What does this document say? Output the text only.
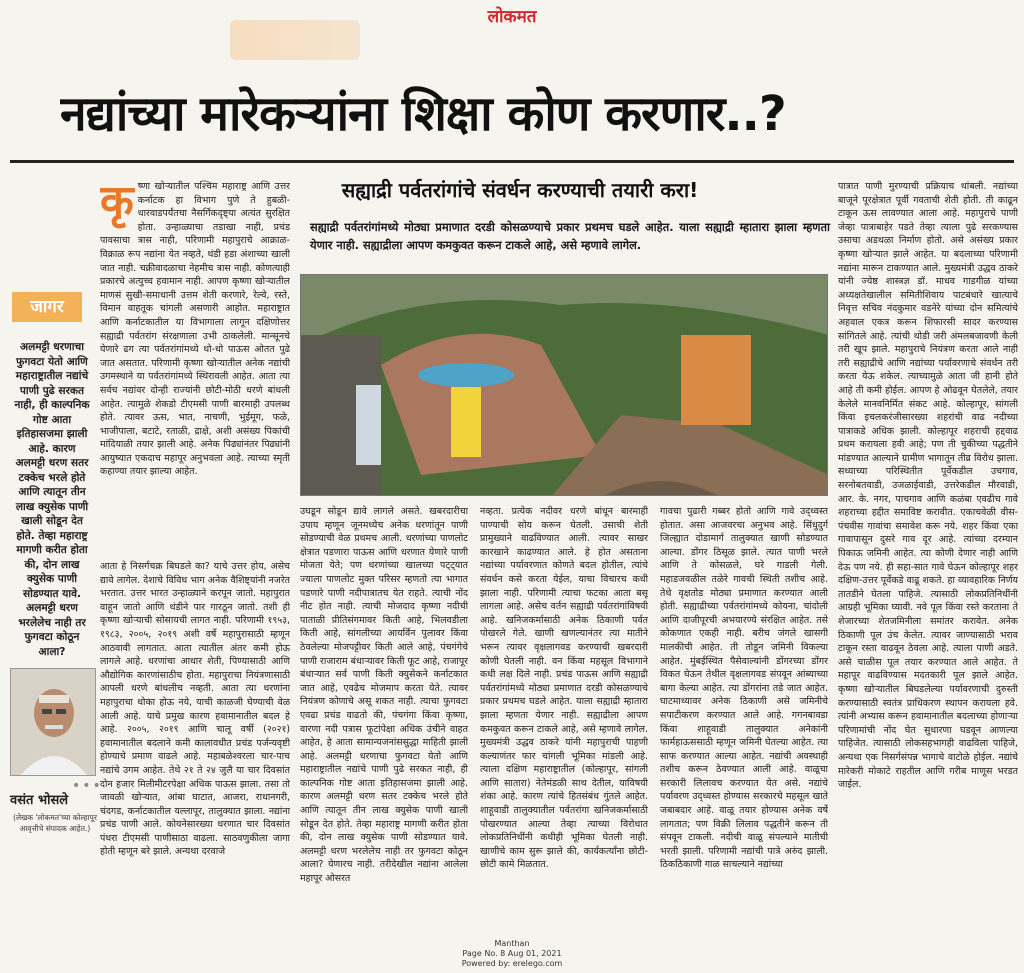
लोकमत
नद्यांच्या मारेकऱ्यांना शिक्षा कोण करणार..?
कृ ष्णा खोऱ्यातील पश्चिम महाराष्ट्र आणि उत्तर कर्नाटक हा विभाग पुणे ते हुबळी-धारवाडपर्यंतचा नैसर्गिकदृष्ट्या अत्यंत सुरक्षित होता. उन्हाळ्याचा तडाखा नाही, प्रचंड पावसाचा त्रास नाही, परिणामी महापुराचे आक्राळ-विक्राळ रूप नद्यांना येत नव्हते, थंडी हडा अंशाच्या खाली जात नाही. चक्रीवादळाचा नेहमीच त्रास नाही. कोणत्याही प्रकारचे अत्युच्च हवामान नाही. आपण कृष्णा खोऱ्यातील माणसं सुखी-समाधानी उत्तम शेती करणारे, रेल्वे, रस्ते, विमान वाहतूक चांगली असणारी आहोत. महाराष्ट्रात आणि कर्नाटकातील या विभागाला लागून दक्षिणोत्तर सह्याद्री पर्वतरांग संरक्षणाला उभी ठाकलेली. मान्सूनचे येणारे ढग त्या पर्वतरांगांमध्ये धो-धो पाऊस ओतत पुढे जात असतात. परिणामी कृष्णा खोऱ्यातील अनेक नद्यांची उगमस्थाने या पर्वतरांगांमध्ये स्थिरावली आहेत. आता त्या सर्वच नद्यांवर दोन्ही राज्यांनी छोटी-मोठी धरणे बांधली आहेत. त्यामुळे शेकडो टीएमसी पाणी बारमाही उपलब्ध होते. त्यावर ऊस, भात, नाचणी, भुईमूग, फळे, भाजीपाला, बटाटे, रताळी, द्राक्षे, अशी असंख्य पिकांची मांदियाळी तयार झाली आहे. अनेक पिढ्यांनंतर पिढ्यांनी आयुष्यात एकदाच महापूर अनुभवला आहे. त्याच्या स्मृती कहाण्या तयार झाल्या आहेत.
जागर
अलमट्टी धरणाचा फुगवटा येतो आणि महाराष्ट्रातील नद्यांचे पाणी पुढे सरकत नाही, ही काल्पनिक गोष्ट आता इतिहासजमा झाली आहे. कारण अलमट्टी धरण सतर टक्केच भरले होते आणि त्यातून तीन लाख क्युसेक पाणी खाली सोडून देत होते. तेव्हा महाराष्ट्र मागणी करीत होता की, दोन लाख क्युसेक पाणी सोडण्यात यावे. अलमट्टी धरण भरलेलेच नाही तर फुगवटा कोठून आला?
•••
वसंत भोसले
(लेखक 'लोकमत'च्या कोल्हापूर आवृत्तीचे संपादक आहेत.)
आता हे निसर्गचक्र बिघडले का? याचे उत्तर होय, असेच द्यावे लागेल. देशाचे विविध भाग अनेक वैशिष्ट्यांनी नजरेत भरतात. उत्तर भारत उन्हाळ्याने करपून जातो. महापुरात वाहून जातो आणि थंडीने पार गारठून जातो. तशी ही कृष्णा खोऱ्याची सोसायची लागत नाही. परिणामी १९५३, १९८३, २००५, २०१९ अशी वर्षे महापुरासाठी म्हणून आठवावी लागतात. आता त्यातील अंतर कमी होऊ लागले आहे. धरणांचा आधार शेती, पिण्यासाठी आणि औद्योगिक कारणांसाठीच होता. महापुराचा नियंत्रणासाठी आपली धरणे बांधलीच नव्हती. आता त्या धरणांना महापुराचा धोका होऊ नये, याची काळजी घेण्याची वेळ आली आहे. याचे प्रमुख कारण हवामानातील बदल हे आहे. २००५, २०१९ आणि चालू वर्षी (२०२१) हवामानातील बदलाने कमी कालावधीत प्रचंड पर्जन्यवृष्टी होण्याचे प्रमाण वाढले आहे. महाबळेश्वरला चार-पाच नद्यांचे उगम आहेत. तेथे २१ ते २४ जुलै या चार दिवसांत दोन हजार मिलीमीटरपेक्षा अधिक पाऊस झाला. तसा तो जावळी खोऱ्यात, आंबा घाटात, आजरा, राधानगरी, चंदगड, कर्नाटकातील यल्लापूर, तालुक्यात झाला. नद्यांना प्रचंड पाणी आले. कोयनेसारख्या धरणात चार दिवसांत पंधरा टीएमसी पाणीसाठा वाढला. साठवणुकीला जागा होती म्हणून बरे झाले. अन्यथा दरवाजे
सह्याद्री पर्वतरांगांचे संवर्धन करण्याची तयारी करा!
सह्याद्री पर्वतरांगांमध्ये मोठ्या प्रमाणात दरडी कोसळण्याचे प्रकार प्रथमच घडले आहेत. याला सह्याद्री म्हातारा झाला म्हणता येणार नाही. सह्याद्रीला आपण कमकुवत करून टाकले आहे, असे म्हणावे लागेल.
उघडून सोडून द्यावे लागले असते. खबरदारीचा उपाय म्हणून जूनमध्येच अनेक धरणांतून पाणी सोडण्याची वेळ प्रथमच आली. धरणांच्या पाणलोट क्षेत्रात पडणारा पाऊस आणि धरणात येणारे पाणी मोजता येते; पण धरणांच्या खालच्या पट्ट्यात ज्याला पाणलोट मुक्त परिसर म्हणतो त्या भागात पडणारे पाणी नदीपात्रातच येत राहते. त्याची नोंद नीट होत नाही. त्याची मोजदाद कृष्णा नदीची पाताळी प्रीतिसंगमावर किती आहे, भिलवडीला किती आहे, सांगलीच्या आयर्विन पुलावर किंवा ठेवलेल्या मोजपट्टीवर किती आले आहे, पंचगंगेचे पाणी राजाराम बंधाऱ्यावर किती फूट आहे, राजापूर बंधाऱ्यात सर्व पाणी किती क्युसेकने कर्नाटकात जात आहे, एवढेच मोजमाप करता येते. त्यावर नियंत्रण कोणाचे असू शकत नाही. त्याचा फुगवटा एवढा प्रचंड वाढतो की, पंचगंगा किंवा कृष्णा, वारणा नदी पत्रास फूटांपेक्षा अधिक उंचीने वाहत आहेत, हे आता सामान्यजनांससुद्धा माहिती झाली आहे. अलमट्टी धरणाचा फुगवटा येतो आणि महाराष्ट्रातील नद्यांचे पाणी पुढे सरकत नाही, ही काल्पनिक गोष्ट आता इतिहासजमा झाली आहे. कारण अलमट्टी धरण सतर टक्केच भरले होते आणि त्यातून तीन लाख क्युसेक पाणी खाली सोडून देत होते. तेव्हा महाराष्ट्र मागणी करीत होता की, दोन लाख क्युसेक पाणी सोडण्यात यावे. अलमट्टी धरण भरलेलेच नाही तर फुगवटा कोठून आला? येणारच नाही. तरीदेखील नद्यांना आलेला महापूर ओसरत
नव्हता. प्रत्येक नदीवर धरणे बांधून बारमाही पाण्याची सोय करून घेतली. उसाची शेती प्रामुख्याने वाढविण्यात आली. त्यावर साखर कारखाने काढण्यात आले. हे होत असताना नद्यांच्या पर्यावरणात कोणते बदल होतील, त्यांचे संवर्धन कसे करता येईल, याचा विचारच कधी झाला नाही. परिणामी त्याचा फटका आता बसू लागला आहे. असेच वर्तन सह्याद्री पर्वतरांगांविषयी आहे. खनिजकर्मासाठी अनेक ठिकाणी पर्वत पोखरले गेले. खाणी खणल्यानंतर त्या मातीने भरून त्यावर वृक्षलागवड करण्याची खबरदारी कोणी घेतली नाही. वन किंवा महसूल विभागाने कधी लक्ष दिले नाही. प्रचंड पाऊस आणि सह्याद्री पर्वतरांगांमध्ये मोठ्या प्रमाणात दरडी कोसळण्याचे प्रकार प्रथमच घडले आहेत. याला सह्याद्री म्हातारा झाला म्हणता येणार नाही. सह्याद्रीला आपण कमकुवत करून टाकले आहे, असे म्हणावे लागेल. मुख्यमंत्री उद्धव ठाकरे यांनी महापुराची पाहणी कल्याणंतर फार चांगली भूमिका मांडली आहे. त्याला दक्षिण महाराष्ट्रातील (कोल्हापूर, सांगली आणि सातारा) नेतेमंडळी साथ देतील, याविषयी शंका आहे. कारण त्यांचे हितसंबंध गुंतले आहेत. शाहूवाडी तालुक्यातील पर्वतरांगा खनिजकर्मासाठी पोखरण्यात आल्या तेव्हा त्याच्या विरोधात लोकप्रतिनिधींनी कधीही भूमिका घेतली नाही. खाणीचे काम सुरू झाले की, कार्यकर्त्यांना छोटी-छोटी कामे मिळतात.
गावचा पुढारी गब्बर होतो आणि गावे उद्ध्वस्त होतात. असा आजवरचा अनुभव आहे. सिंधुदुर्ग जिल्ह्यात दोडामार्ग तालुक्यात खाणी सोडण्यात आल्या. डोंगर ठिसूळ झाले. त्यात पाणी भरले आणि ते कोसळले, घरे गाडली गेली. महाडजवळील तळेरे गावची स्थिती तशीच आहे. तेथे वृक्षतोड मोठ्या प्रमाणात करण्यात आली होती. सह्याद्रीच्या पर्वतरांगांमध्ये कोयना, चांदोली आणि दाजीपूरची अभयारण्ये संरक्षित आहेत. तसे कोकणात एकही नाही. बरीच जंगले खासगी मालकीची आहेत. ती तोडून जमिनी विकल्या आहेत. मुंबईस्थित पैसेवाल्यांनी डोंगरच्या डोंगर विकत घेऊन तेथील वृक्षलागवड संपवून आंब्याच्या बागा केल्या आहेत. त्या डोंगरांना तडे जात आहेत. घाटमाथ्यावर अनेक ठिकाणी असे जमिनीचे सपाटीकरण करण्यात आले आहे. गगनबावडा किंवा शाहूवाडी तालुक्यात अनेकांनी फार्महाऊससाठी म्हणून जमिनी घेतल्या आहेत. त्या साफ करण्यात आल्या आहेत. नद्यांची अवस्थाही तशीच करून ठेवण्यात आली आहे. वाळूचा सरकारी लिलावच करण्यात येत असे. नद्यांचे पर्यावरण उद्ध्वस्त होण्यास सरकारचे महसूल खाते जबाबदार आहे. वाळू तयार होण्यास अनेक वर्षे लागतात; पण विक्री लिलाव पद्धतीने करून ती संपवून टाकली. नदीची वाळू संपल्याने मातीची भरती झाली. परिणामी नद्यांची पात्रे अरुंद झाली. ठिकठिकाणी गाळ साचल्याने नद्यांच्या
पात्रात पाणी मुरण्याची प्रक्रियाच थांबली. नद्यांच्या बाजूने पूरक्षेत्रात पूर्वी गवताची शेती होती. ती काढून टाकून ऊस लावण्यात आला आहे. महापुराचे पाणी जेव्हा पात्राबाहेर पडते तेव्हा त्याला पुढे सरकण्यास उसाचा अडथळा निर्माण होतो. असे असंख्य प्रकार कृष्णा खोऱ्यात झाले आहेत. या बदलाच्या परिणामी नद्यांना मारून टाकण्यात आले. मुख्यमंत्री उद्धव ठाकरे यांनी ज्येष्ठ शास्त्रज्ञ डॉ. माधव गाडगीळ यांच्या अध्यक्षतेखालील समितीशिवाय पाटबंधारे खात्याचे निवृत्त सचिव नंदकुमार वडनेरे यांच्या दोन समित्यांचे अहवाल एकत्र करून शिफारसी सादर करण्यास सांगितले आहे. त्यांची थोडी जरी अंमलबजावणी केली तरी खूप झाले. महापुराचे नियंत्रण करता आले नाही तरी सह्याद्रीचे आणि नद्यांच्या पर्यावरणाचे संवर्धन तरी करता येऊ शकेल. त्याच्यामुळे आता जी हानी होते आहे ती कमी होईल. आपण हे ओढवून घेतलेले, तयार केलेले मानवनिर्मित संकट आहे. कोल्हापूर, सांगली किंवा इचलकरंजीसारख्या शहरांची वाढ नदीच्या पात्राकडे अधिक झाली. कोल्हापूर शहराची हद्दवाढ प्रथम करायला हवी आहे; पण ती चुकीच्या पद्धतीने मांडण्यात आल्याने ग्रामीण भागातून तीव्र विरोध झाला. सध्याच्या परिस्थितीत पूर्वेकडील उचगाव, सरनोबतवाडी, उजळाईवाडी, उत्तरेकडील मौरवाडी, आर. के. नगर, पाचगाव आणि कळंबा एवढीच गावे शहराच्या हद्दीत समाविष्ट करावीत. एकाचवेळी वीस-पंचवीस गावांचा समावेश करू नये. शहर किंवा एका गावापासून दुसरे गाव दूर आहे. त्यांच्या दरम्यान पिकाऊ जमिनी आहेत. त्या कोणी देणार नाही आणि देऊ पण नये. ही सहा-सात गावे घेऊन कोल्हापूर शहर दक्षिण-उत्तर पूर्वेकडे वाढू शकते. हा व्यावहारिक निर्णय तातडीने घेतला पाहिजे. त्यासाठी लोकप्रतिनिधींनी आग्रही भूमिका घ्यावी. नवे पूल किंवा रस्ते करताना ते शेजारच्या शेतजमिनीला समांतर करावेत. अनेक ठिकाणी पूल उंच केलेत. त्यावर जाण्यासाठी भराव टाकून रस्ता वाढवून ठेवला आहे. त्याला पाणी अडते. असे चाळीस पूल तयार करण्यात आले आहेत. ते महापूर वाढविण्यास मदतकारी पूल झाले आहेत. कृष्णा खोऱ्यातील बिघडलेल्या पर्यावरणाची दुरुस्ती करण्यासाठी स्वतंत्र प्राधिकरण स्थापन करायला हवे. त्यांनी अभ्यास करून हवामानातील बदलाच्या होणाऱ्या परिणामांची नोंद घेत सुधारणा घडवून आणल्या पाहिजेत. त्यासाठी लोकसहभागही वाढविला पाहिजे, अन्यथा एक निसर्गसंपन्न भागाचे वाटोळे होईल. नद्यांचे मारेकरी मोकाटे राहतील आणि गरीब माणूस भरडत जाईल.
Manthan
Page No. 8 Aug 01, 2021
Powered by: erelego.com
